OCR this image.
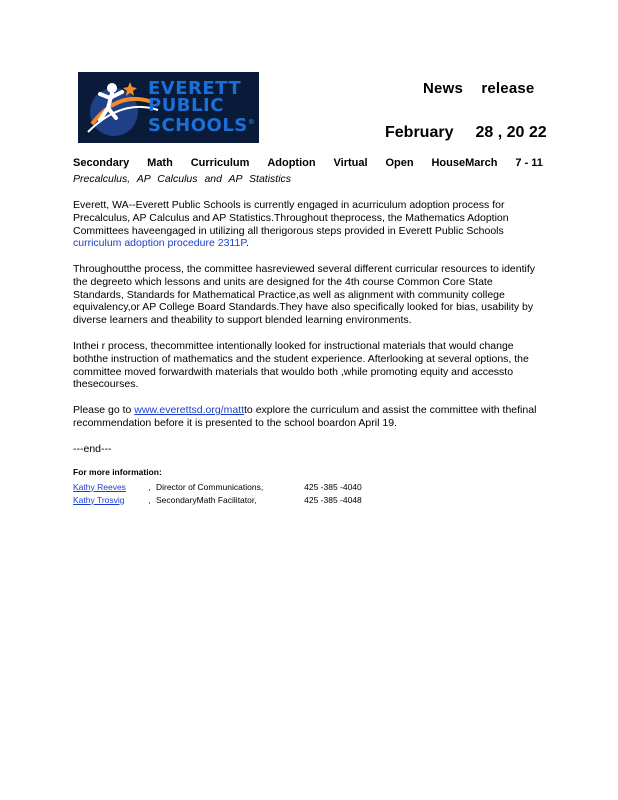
EVERETT
PUBLIC
SCHOOLS®
News release
February 28 , 20 22
Secondary Math Curriculum Adoption Virtual Open HouseMarch 7 - 11
Precalculus, AP Calculus and AP Statistics
Everett, WA--Everett Public Schools is currently engaged in acurriculum adoption process for Precalculus, AP Calculus and AP Statistics.Throughout theprocess, the Mathematics Adoption Committees haveengaged in utilizing all therigorous steps provided in Everett Public Schools curriculum adoption procedure 2311P.
Throughoutthe process, the committee hasreviewed several different curricular resources to identify the degreeto which lessons and units are designed for the 4th course Common Core State Standards, Standards for Mathematical Practice,as well as alignment with community college equivalency,or AP College Board Standards.They have also specifically looked for bias, usability by diverse learners and theability to support blended learning environments.
Inthei r process, thecommittee intentionally looked for instructional materials that would change boththe instruction of mathematics and the student experience. Afterlooking at several options, the committee moved forwardwith materials that wouldo both ,while promoting equity and accessto thesecourses.
Please go to www.everettsd.org/mattto explore the curriculum and assist the committee with thefinal recommendation before it is presented to the school boardon April 19.
---end---
For more information:
Kathy Reeves	, Director of Communications,	425 -385 -4040
Kathy Trosvig	, SecondaryMath Facilitator,	425 -385 -4048
